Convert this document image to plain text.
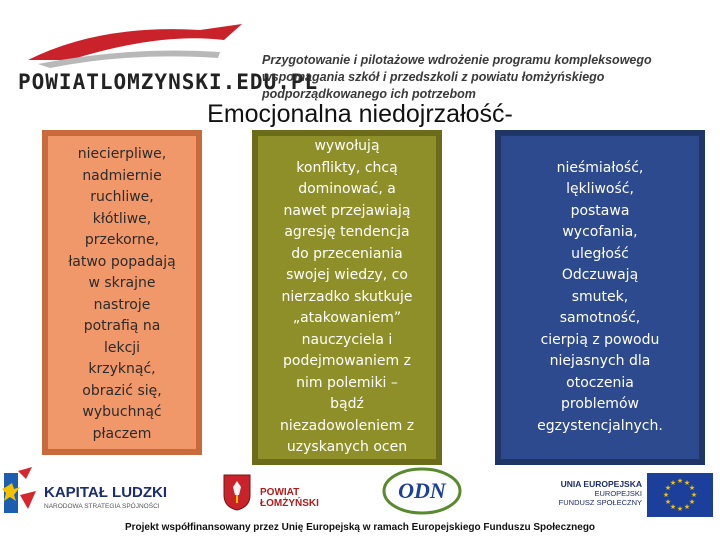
POWIATLOMZYNSKI.EDU.PL
Przygotowanie i pilotażowe wdrożenie programu kompleksowego wspomagania szkół i przedszkoli z powiatu łomżyńskiego podporządkowanego ich potrzebom
Emocjonalna niedojrzałość-
niecierpliwe,
nadmiernie
ruchliwe,
kłótliwe,
przekorne,
łatwo popadają
w skrajne
nastroje
potrafią na lekcji
krzyknąć,
obrazić się,
wybuchnąć
płaczem
wywołują
konflikty, chcą
dominować, a
nawet przejawiają
agresję tendencja
do przeceniania
swojej wiedzy, co
nierzadko skutkuje
„atakowaniem”
nauczyciela i
podejmowaniem z
nim polemiki –
bądź
niezadowoleniem z
uzyskanych ocen
nieśmiałość,
lękliwość,
postawa
wycofania,
uległość
Odczuwają
smutek,
samotność,
cierpią z powodu
niejasnych dla
otoczenia
problemów
egzystencjalnych.
KAPITAŁ LUDZKI
NARODOWA STRATEGIA SPÓJNOŚCI
POWIAT
ŁOMŻYŃSKI
ODN	UNIA EUROPEJSKA
EUROPEJSKI
FUNDUSZ SPOŁECZNY
★ ★
★
★
★
★
★
★
★
★
★
★
Projekt współfinansowany przez Unię Europejską w ramach Europejskiego Funduszu Społecznego
